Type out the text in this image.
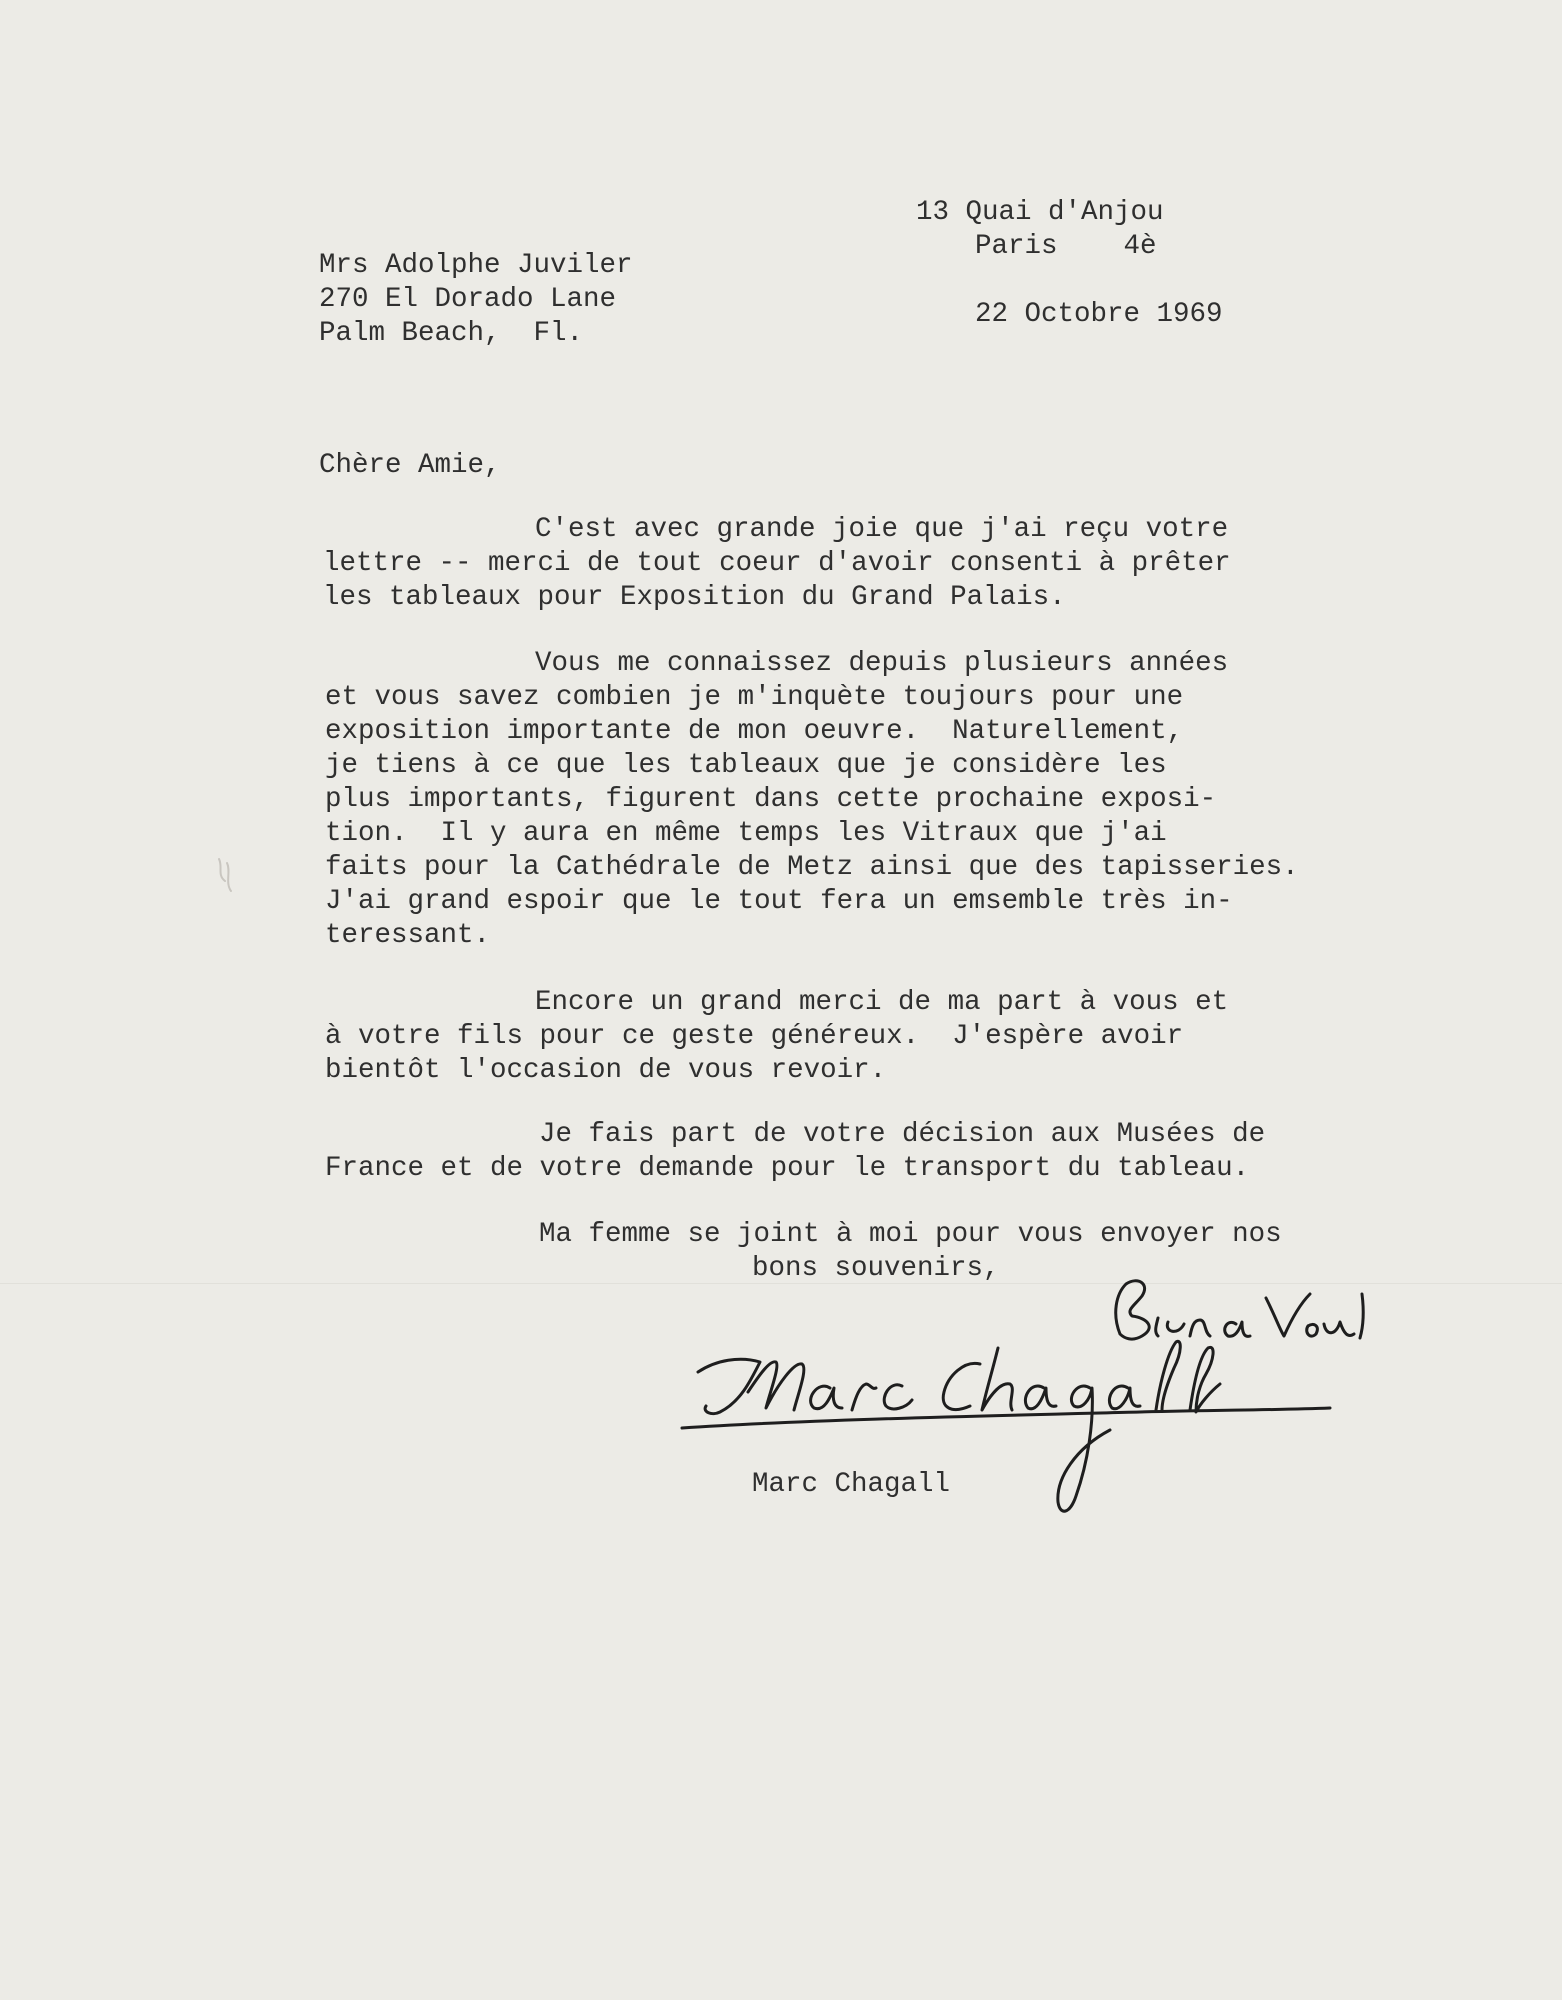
13 Quai d'Anjou

Paris    4è

Mrs Adolphe Juviler

270 El Dorado Lane

Palm Beach,  Fl.

22 Octobre 1969

Chère Amie,

C'est avec grande joie que j'ai reçu votre

lettre -- merci de tout coeur d'avoir consenti à prêter

les tableaux pour Exposition du Grand Palais.

Vous me connaissez depuis plusieurs années

et vous savez combien je m'inquète toujours pour une

exposition importante de mon oeuvre.  Naturellement,

je tiens à ce que les tableaux que je considère les

plus importants, figurent dans cette prochaine exposi-

tion.  Il y aura en même temps les Vitraux que j'ai

faits pour la Cathédrale de Metz ainsi que des tapisseries.

J'ai grand espoir que le tout fera un emsemble très in-

teressant.

Encore un grand merci de ma part à vous et

à votre fils pour ce geste généreux.  J'espère avoir

bientôt l'occasion de vous revoir.

Je fais part de votre décision aux Musées de

France et de votre demande pour le transport du tableau.

Ma femme se joint à moi pour vous envoyer nos

bons souvenirs,

Marc Chagall
